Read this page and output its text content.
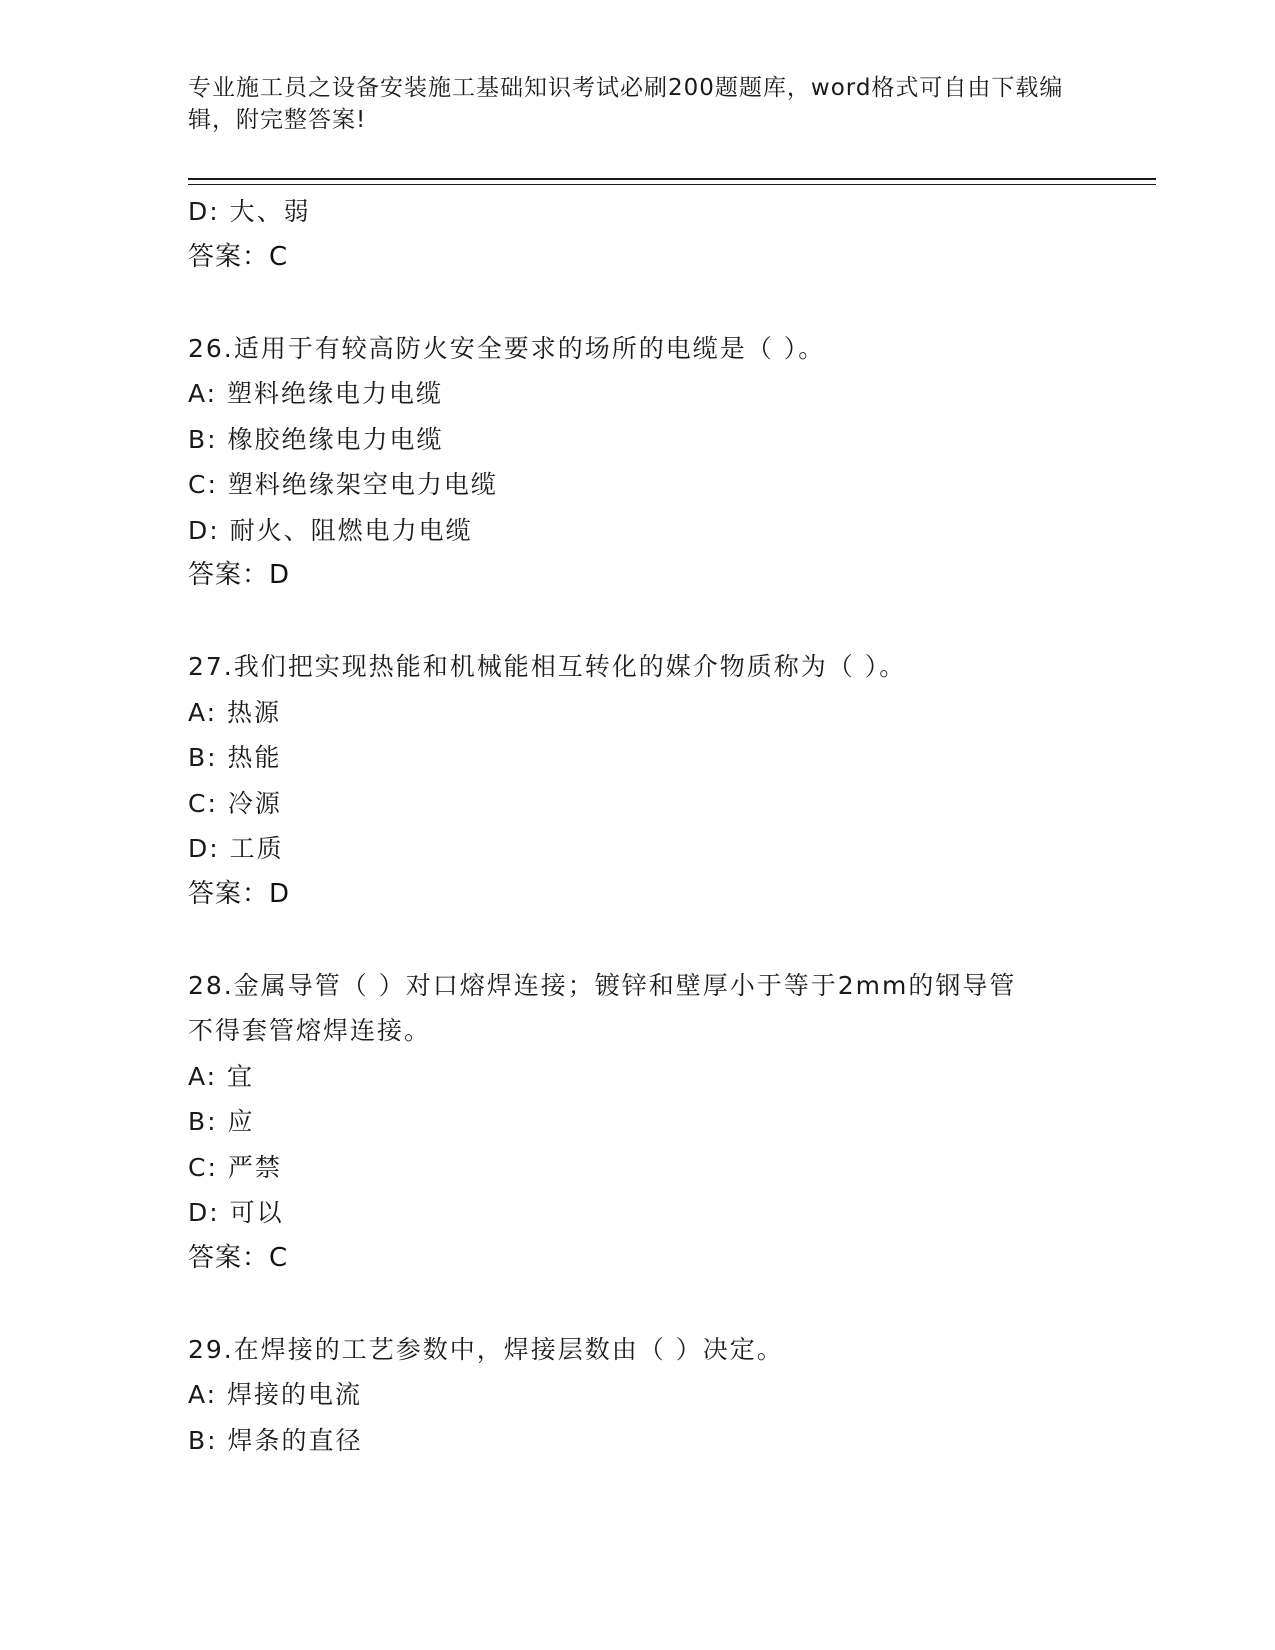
专业施工员之设备安装施工基础知识考试必刷200题题库，word格式可自由下载编辑，附完整答案!
D: 大、弱
答案：C
26.适用于有较高防火安全要求的场所的电缆是（ ）。
A: 塑料绝缘电力电缆
B: 橡胶绝缘电力电缆
C: 塑料绝缘架空电力电缆
D: 耐火、阻燃电力电缆
答案：D
27.我们把实现热能和机械能相互转化的媒介物质称为（ ）。
A: 热源
B: 热能
C: 冷源
D: 工质
答案：D
28.金属导管（ ）对口熔焊连接；镀锌和壁厚小于等于2mm的钢导管
不得套管熔焊连接。
A: 宜
B: 应
C: 严禁
D: 可以
答案：C
29.在焊接的工艺参数中，焊接层数由（ ）决定。
A: 焊接的电流
B: 焊条的直径
